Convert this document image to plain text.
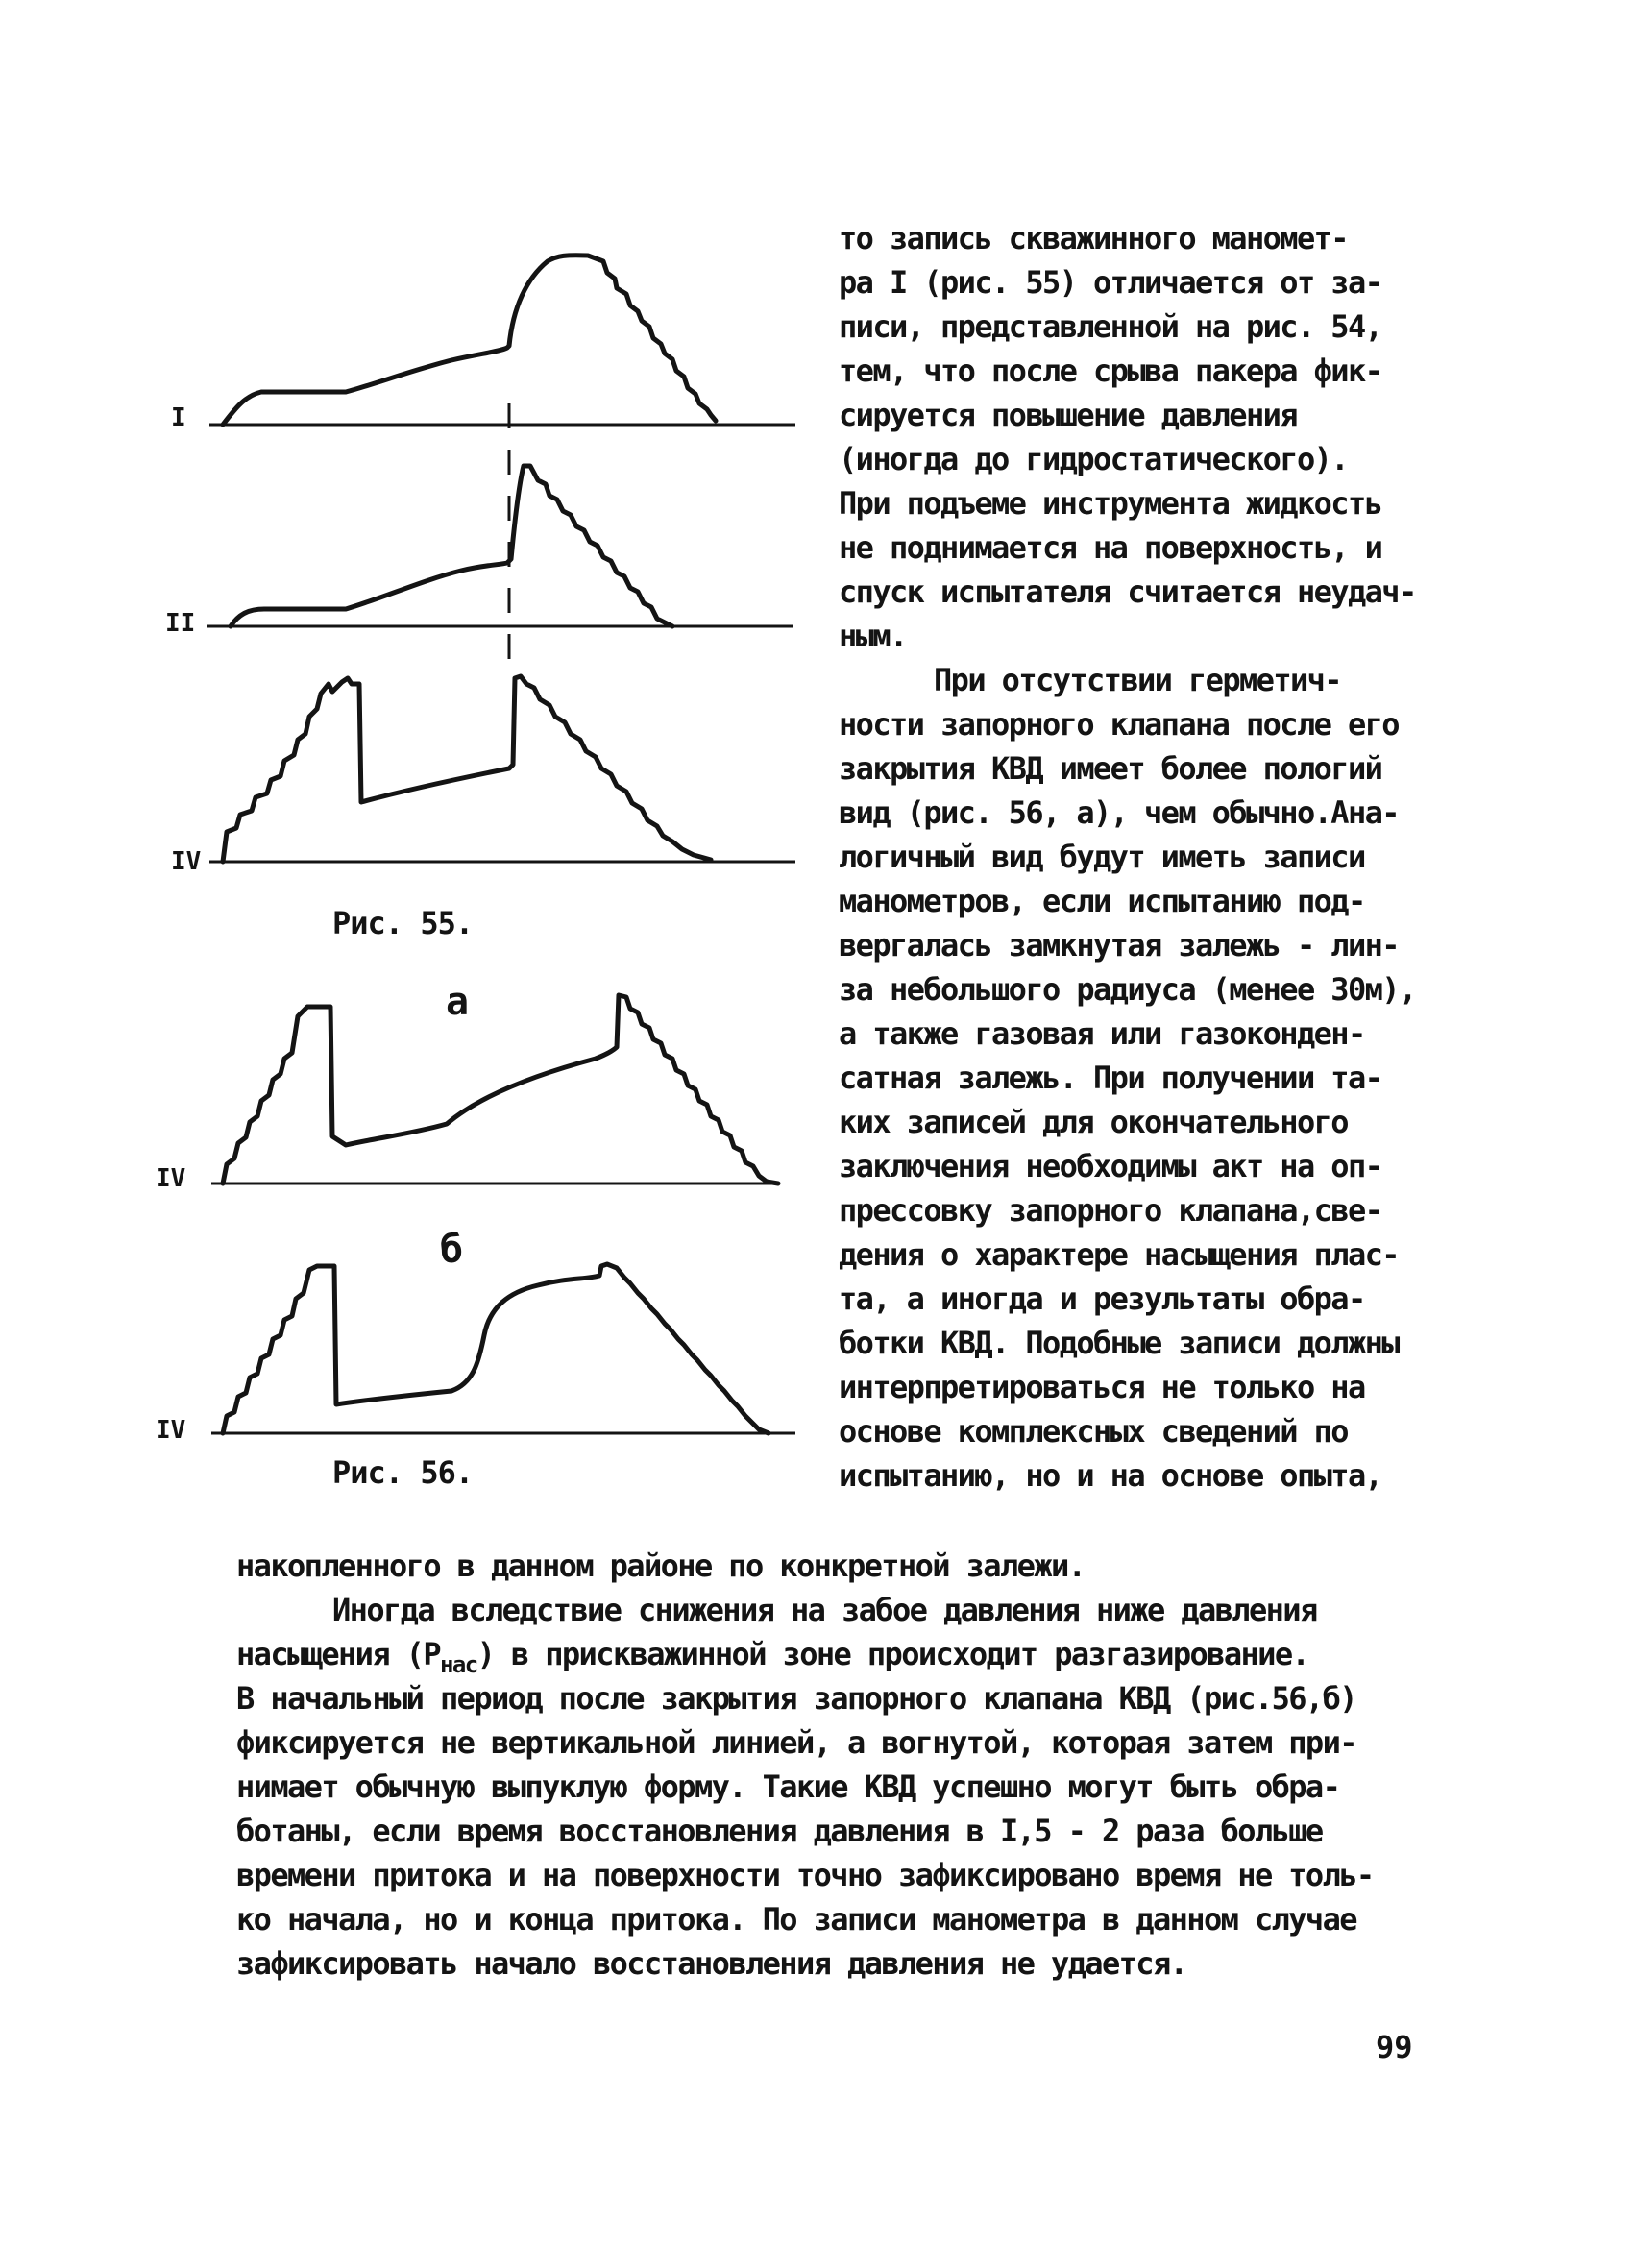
I
II
IV
Рис. 55.
а
IV
б
IV
Рис. 56.
то запись скважинного маномет-
ра I (рис. 55) отличается от за-
писи, представленной на рис. 54,
тем, что после срыва пакера фик-
сируется повышение давления
(иногда до гидростатического).
При подъеме инструмента жидкость
не поднимается на поверхность, и
спуск испытателя считается неудач-
ным.
При отсутствии герметич-
ности запорного клапана после его
закрытия КВД имеет более пологий
вид (рис. 56, а), чем обычно.Ана-
логичный вид будут иметь записи
манометров, если испытанию под-
вергалась замкнутая залежь - лин-
за небольшого радиуса (менее 30м),
а также газовая или газоконден-
сатная залежь. При получении та-
ких записей для окончательного
заключения необходимы акт на оп-
прессовку запорного клапана,све-
дения о характере насыщения плас-
та, а иногда и результаты обра-
ботки КВД. Подобные записи должны
интерпретироваться не только на
основе комплексных сведений по
испытанию, но и на основе опыта,
накопленного в данном районе по конкретной залежи.
Иногда вследствие снижения на забое давления ниже давления
насыщения $(P_{нас})$ в прискважинной зоне происходит разгазирование.
В начальный период после закрытия запорного клапана КВД (рис.56,б)
фиксируется не вертикальной линией, а вогнутой, которая затем при-
нимает обычную выпуклую форму. Такие КВД успешно могут быть обра-
ботаны, если время восстановления давления в I,5 - 2 раза больше
времени притока и на поверхности точно зафиксировано время не толь-
ко начала, но и конца притока. По записи манометра в данном случае
зафиксировать начало восстановления давления не удается.
99
